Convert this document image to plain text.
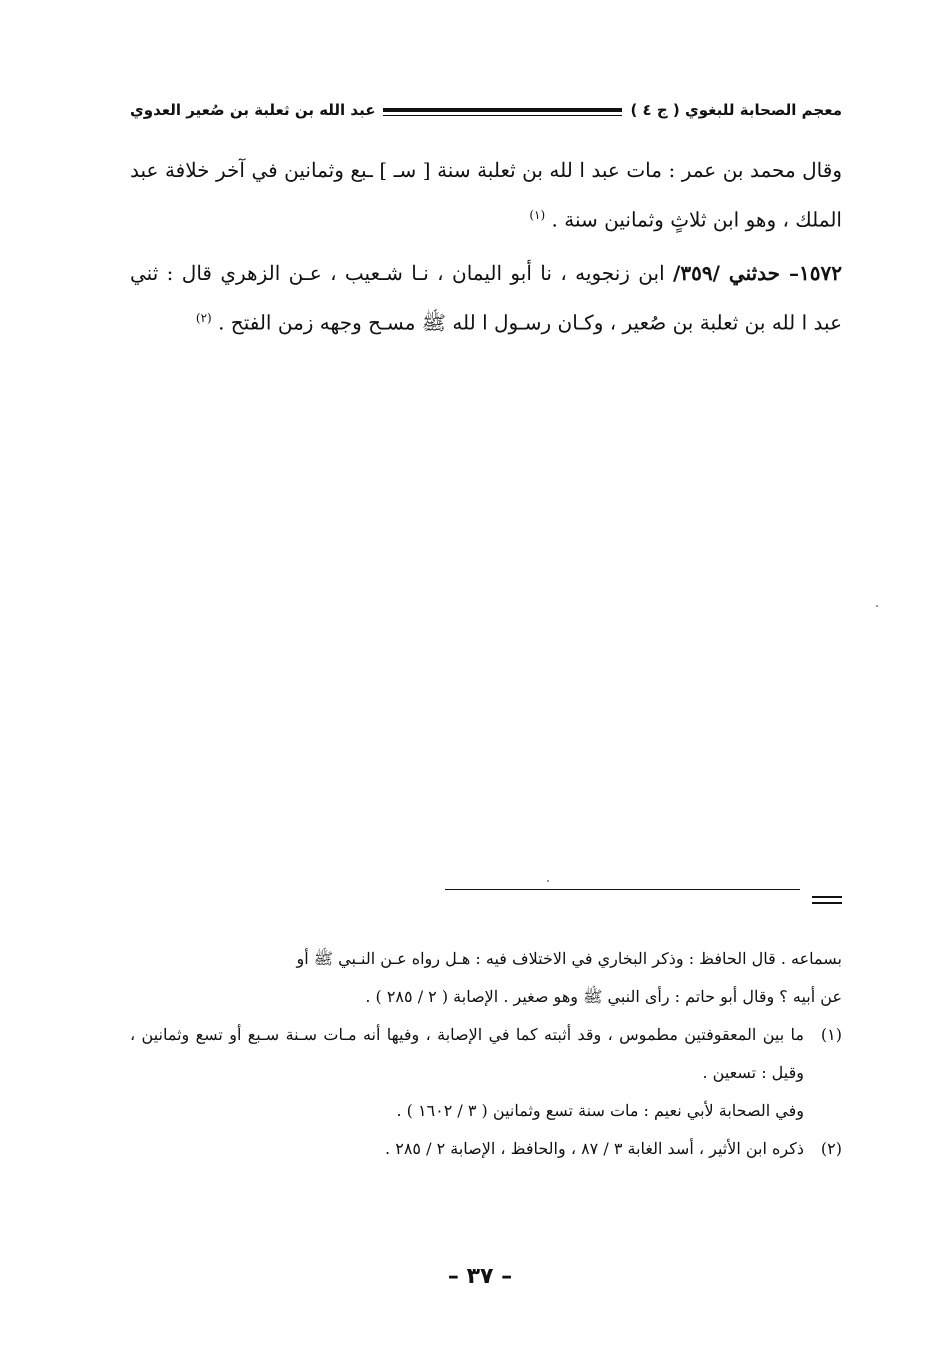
معجم الصحابة للبغوي ( ج ٤ )
عبد الله بن ثعلبة بن صُعير العدوي

وقال محمد بن عمر : مات عبد ا لله بن ثعلبة سنة [ سـ ] ـبع وثمانين في آخر خلافة عبد الملك ، وهو ابن ثلاثٍ وثمانين سنة . $^{(١)}$

١٥٧٢– حدثني /٣٥٩/ ابن زنجويه ، نا أبو اليمان ، نـا شـعيب ، عـن الزهري قال : ثني عبد ا لله بن ثعلبة بن صُعير ، وكـان رسـول ا لله ﷺ مسـح وجهه زمن الفتح . $^{(٢)}$

بسماعه . قال الحافظ : وذكر البخاري في الاختلاف فيه : هـل رواه عـن النـبي ﷺ أو

عن أبيه ؟ وقال أبو حاتم : رأى النبي ﷺ وهو صغير . الإصابة ( ٢ / ٢٨٥ ) .

(١)
ما بين المعقوفتين مطموس ، وقد أثبته كما في الإصابة ، وفيها أنه مـات سـنة سـبع أو تسع وثمانين ، وقيل : تسعين .

وفي الصحابة لأبي نعيم : مات سنة تسع وثمانين ( ٣ / ١٦٠٢ ) .

(٢)
ذكره ابن الأثير ، أسد الغابة ٣ / ٨٧ ، والحافظ ، الإصابة ٢ / ٢٨٥ .
– ٣٧ –
